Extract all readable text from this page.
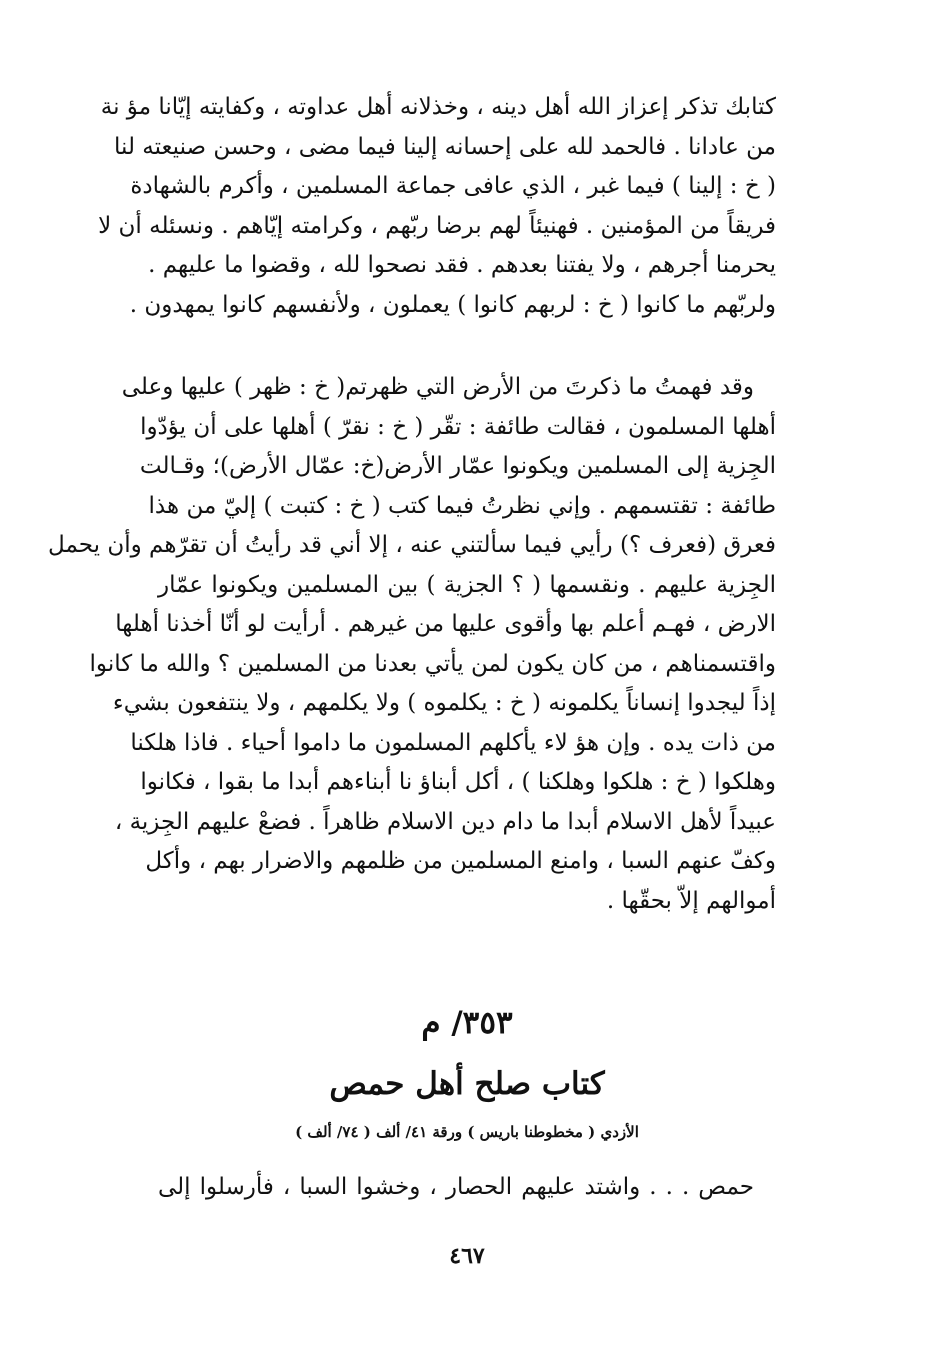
كتابك تذكر إعزاز الله أهل دينه ، وخذلانه أهل عداوته ، وكفايته إيّانا مؤ نة
من عادانا . فالحمد لله على إحسانه إلينا فيما مضى ، وحسن صنيعته لنا
( خ : إلينا ) فيما غبر ، الذي عافى جماعة المسلمين ، وأكرم بالشهادة
فريقاً من المؤمنين . فهنيئاً لهم برضا ربّهم ، وكرامته إيّاهم . ونسئله أن لا
يحرمنا أجرهم ، ولا يفتنا بعدهم . فقد نصحوا لله ، وقضوا ما عليهم .
ولربّهم ما كانوا ( خ : لربهم كانوا ) يعملون ، ولأنفسهم كانوا يمهدون .
وقد فهمتُ ما ذكرتَ من الأرض التي ظهرتم( خ : ظهر ) عليها وعلى
أهلها المسلمون ، فقالت طائفة : تقّر ( خ : نقرّ ) أهلها على أن يؤدّوا
الجِزية إلى المسلمين ويكونوا عمّار الأرض(خ: عمّال الأرض)؛ وقـالت
طائفة : تقتسمهم . وإني نظرتُ فيما كتب ( خ : كتبت ) إليّ من هذا
فعرق (فعرف ؟) رأيي فيما سألتني عنه ، إلا أني قد رأيتُ أن تقرّهم وأن يحمل
الجِزية عليهم . ونقسمها ( ؟ الجزية ) بين المسلمين ويكونوا عمّار
الارض ، فهـم أعلم بها وأقوى عليها من غيرهم . أرأيت لو أنّا أخذنا أهلها
واقتسمناهم ، من كان يكون لمن يأتي بعدنا من المسلمين ؟ والله ما كانوا
إذاً ليجدوا إنساناً يكلمونه ( خ : يكلموه ) ولا يكلمهم ، ولا ينتفعون بشيء
من ذات يده . وإن هؤ لاء يأكلهم المسلمون ما داموا أحياء . فاذا هلكنا
وهلكوا ( خ : هلكوا وهلكنا ) ، أكل أبناؤ نا أبناءهم أبدا ما بقوا ، فكانوا
عبيداً لأهل الاسلام أبدا ما دام دين الاسلام ظاهراً . فضعْ عليهم الجِزية ،
وكفّ عنهم السبا ، وامنع المسلمين من ظلمهم والاضرار بهم ، وأكل
أموالهم إلاّ بحقّها .
٣٥٣/ م
كتاب صلح أهل حمص
الأزدي ( مخطوطنا باريس ) ورقة ٤١/ ألف ( ٧٤/ ألف )
حمص . . . واشتد عليهم الحصار ، وخشوا السبا ، فأرسلوا إلى
٤٦٧
